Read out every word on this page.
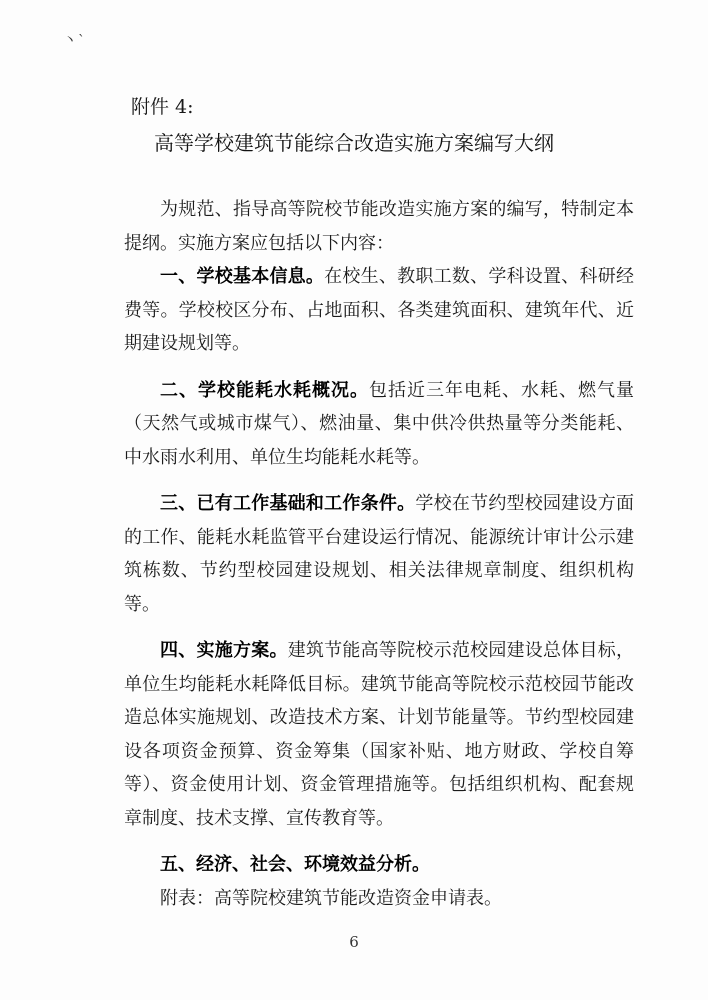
丶`
附件 4:
高等学校建筑节能综合改造实施方案编写大纲

为规范、指导高等院校节能改造实施方案的编写，特制定本提纲。实施方案应包括以下内容：

一、学校基本信息。在校生、教职工数、学科设置、科研经费等。学校校区分布、占地面积、各类建筑面积、建筑年代、近期建设规划等。

二、学校能耗水耗概况。包括近三年电耗、水耗、燃气量（天然气或城市煤气）、燃油量、集中供冷供热量等分类能耗、中水雨水利用、单位生均能耗水耗等。

三、已有工作基础和工作条件。学校在节约型校园建设方面的工作、能耗水耗监管平台建设运行情况、能源统计审计公示建筑栋数、节约型校园建设规划、相关法律规章制度、组织机构等。

四、实施方案。建筑节能高等院校示范校园建设总体目标，单位生均能耗水耗降低目标。建筑节能高等院校示范校园节能改造总体实施规划、改造技术方案、计划节能量等。节约型校园建设各项资金预算、资金筹集（国家补贴、地方财政、学校自筹等）、资金使用计划、资金管理措施等。包括组织机构、配套规章制度、技术支撑、宣传教育等。

五、经济、社会、环境效益分析。

附表：高等院校建筑节能改造资金申请表。

6
